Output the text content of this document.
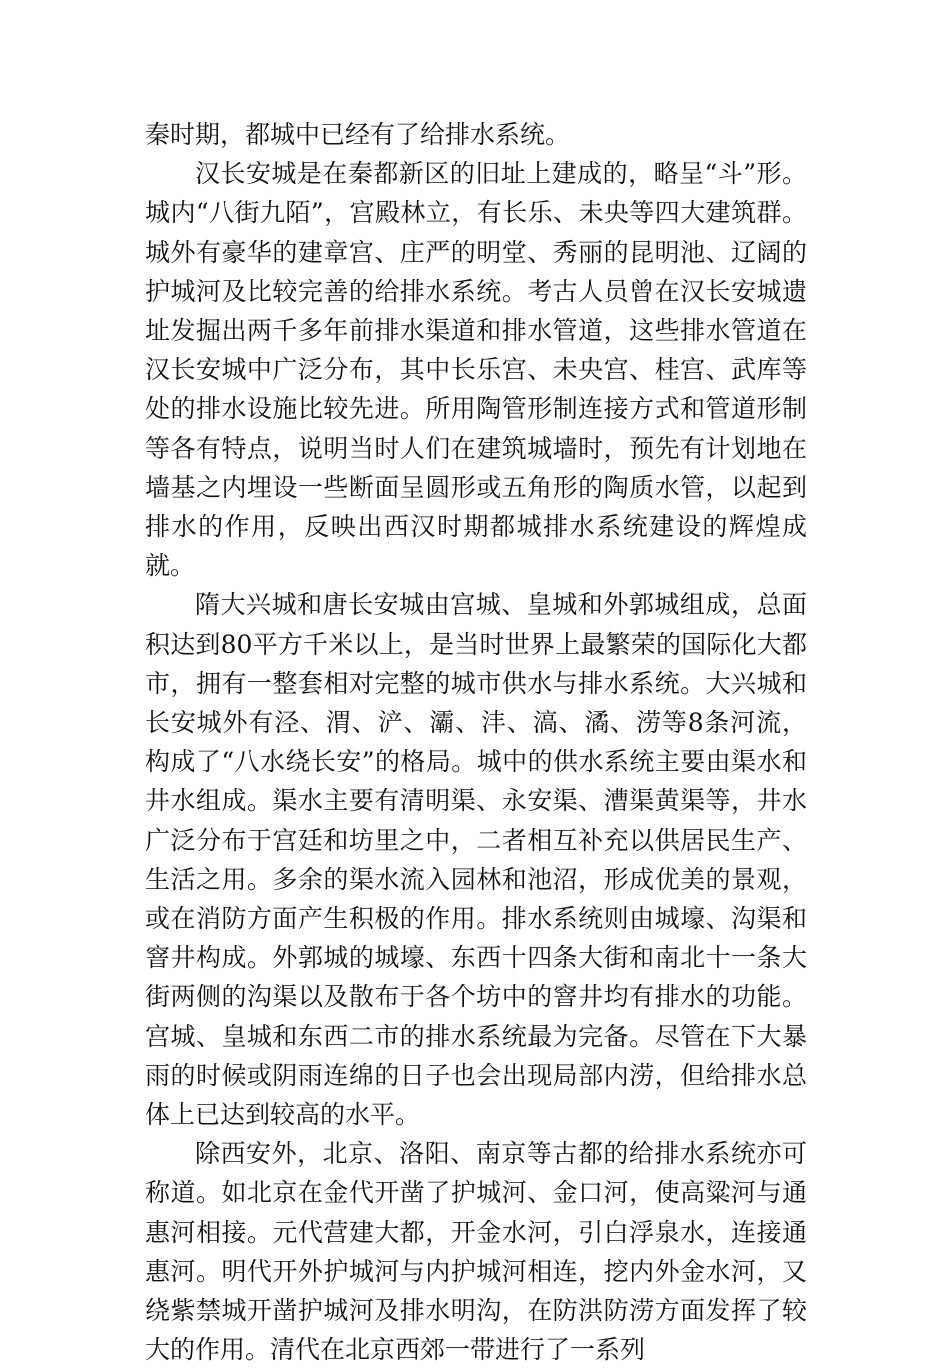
秦时期，都城中已经有了给排水系统。

汉长安城是在秦都新区的旧址上建成的，略呈“斗”形。城内“八街九陌”，宫殿林立，有长乐、未央等四大建筑群。城外有豪华的建章宫、庄严的明堂、秀丽的昆明池、辽阔的护城河及比较完善的给排水系统。考古人员曾在汉长安城遗址发掘出两千多年前排水渠道和排水管道，这些排水管道在汉长安城中广泛分布，其中长乐宫、未央宫、桂宫、武库等处的排水设施比较先进。所用陶管形制连接方式和管道形制等各有特点，说明当时人们在建筑城墙时，预先有计划地在墙基之内埋设一些断面呈圆形或五角形的陶质水管，以起到排水的作用，反映出西汉时期都城排水系统建设的辉煌成就。

隋大兴城和唐长安城由宫城、皇城和外郭城组成，总面积达到80平方千米以上，是当时世界上最繁荣的国际化大都市，拥有一整套相对完整的城市供水与排水系统。大兴城和长安城外有泾、渭、浐、灞、沣、滈、潏、涝等8条河流，构成了“八水绕长安”的格局。城中的供水系统主要由渠水和井水组成。渠水主要有清明渠、永安渠、漕渠黄渠等，井水广泛分布于宫廷和坊里之中，二者相互补充以供居民生产、生活之用。多余的渠水流入园林和池沼，形成优美的景观，或在消防方面产生积极的作用。排水系统则由城壕、沟渠和窨井构成。外郭城的城壕、东西十四条大街和南北十一条大街两侧的沟渠以及散布于各个坊中的窨井均有排水的功能。宫城、皇城和东西二市的排水系统最为完备。尽管在下大暴雨的时候或阴雨连绵的日子也会出现局部内涝，但给排水总体上已达到较高的水平。

除西安外，北京、洛阳、南京等古都的给排水系统亦可称道。如北京在金代开凿了护城河、金口河，使高粱河与通惠河相接。元代营建大都，开金水河，引白浮泉水，连接通惠河。明代开外护城河与内护城河相连，挖内外金水河，又绕紫禁城开凿护城河及排水明沟，在防洪防涝方面发挥了较大的作用。清代在北京西郊一带进行了一系列
